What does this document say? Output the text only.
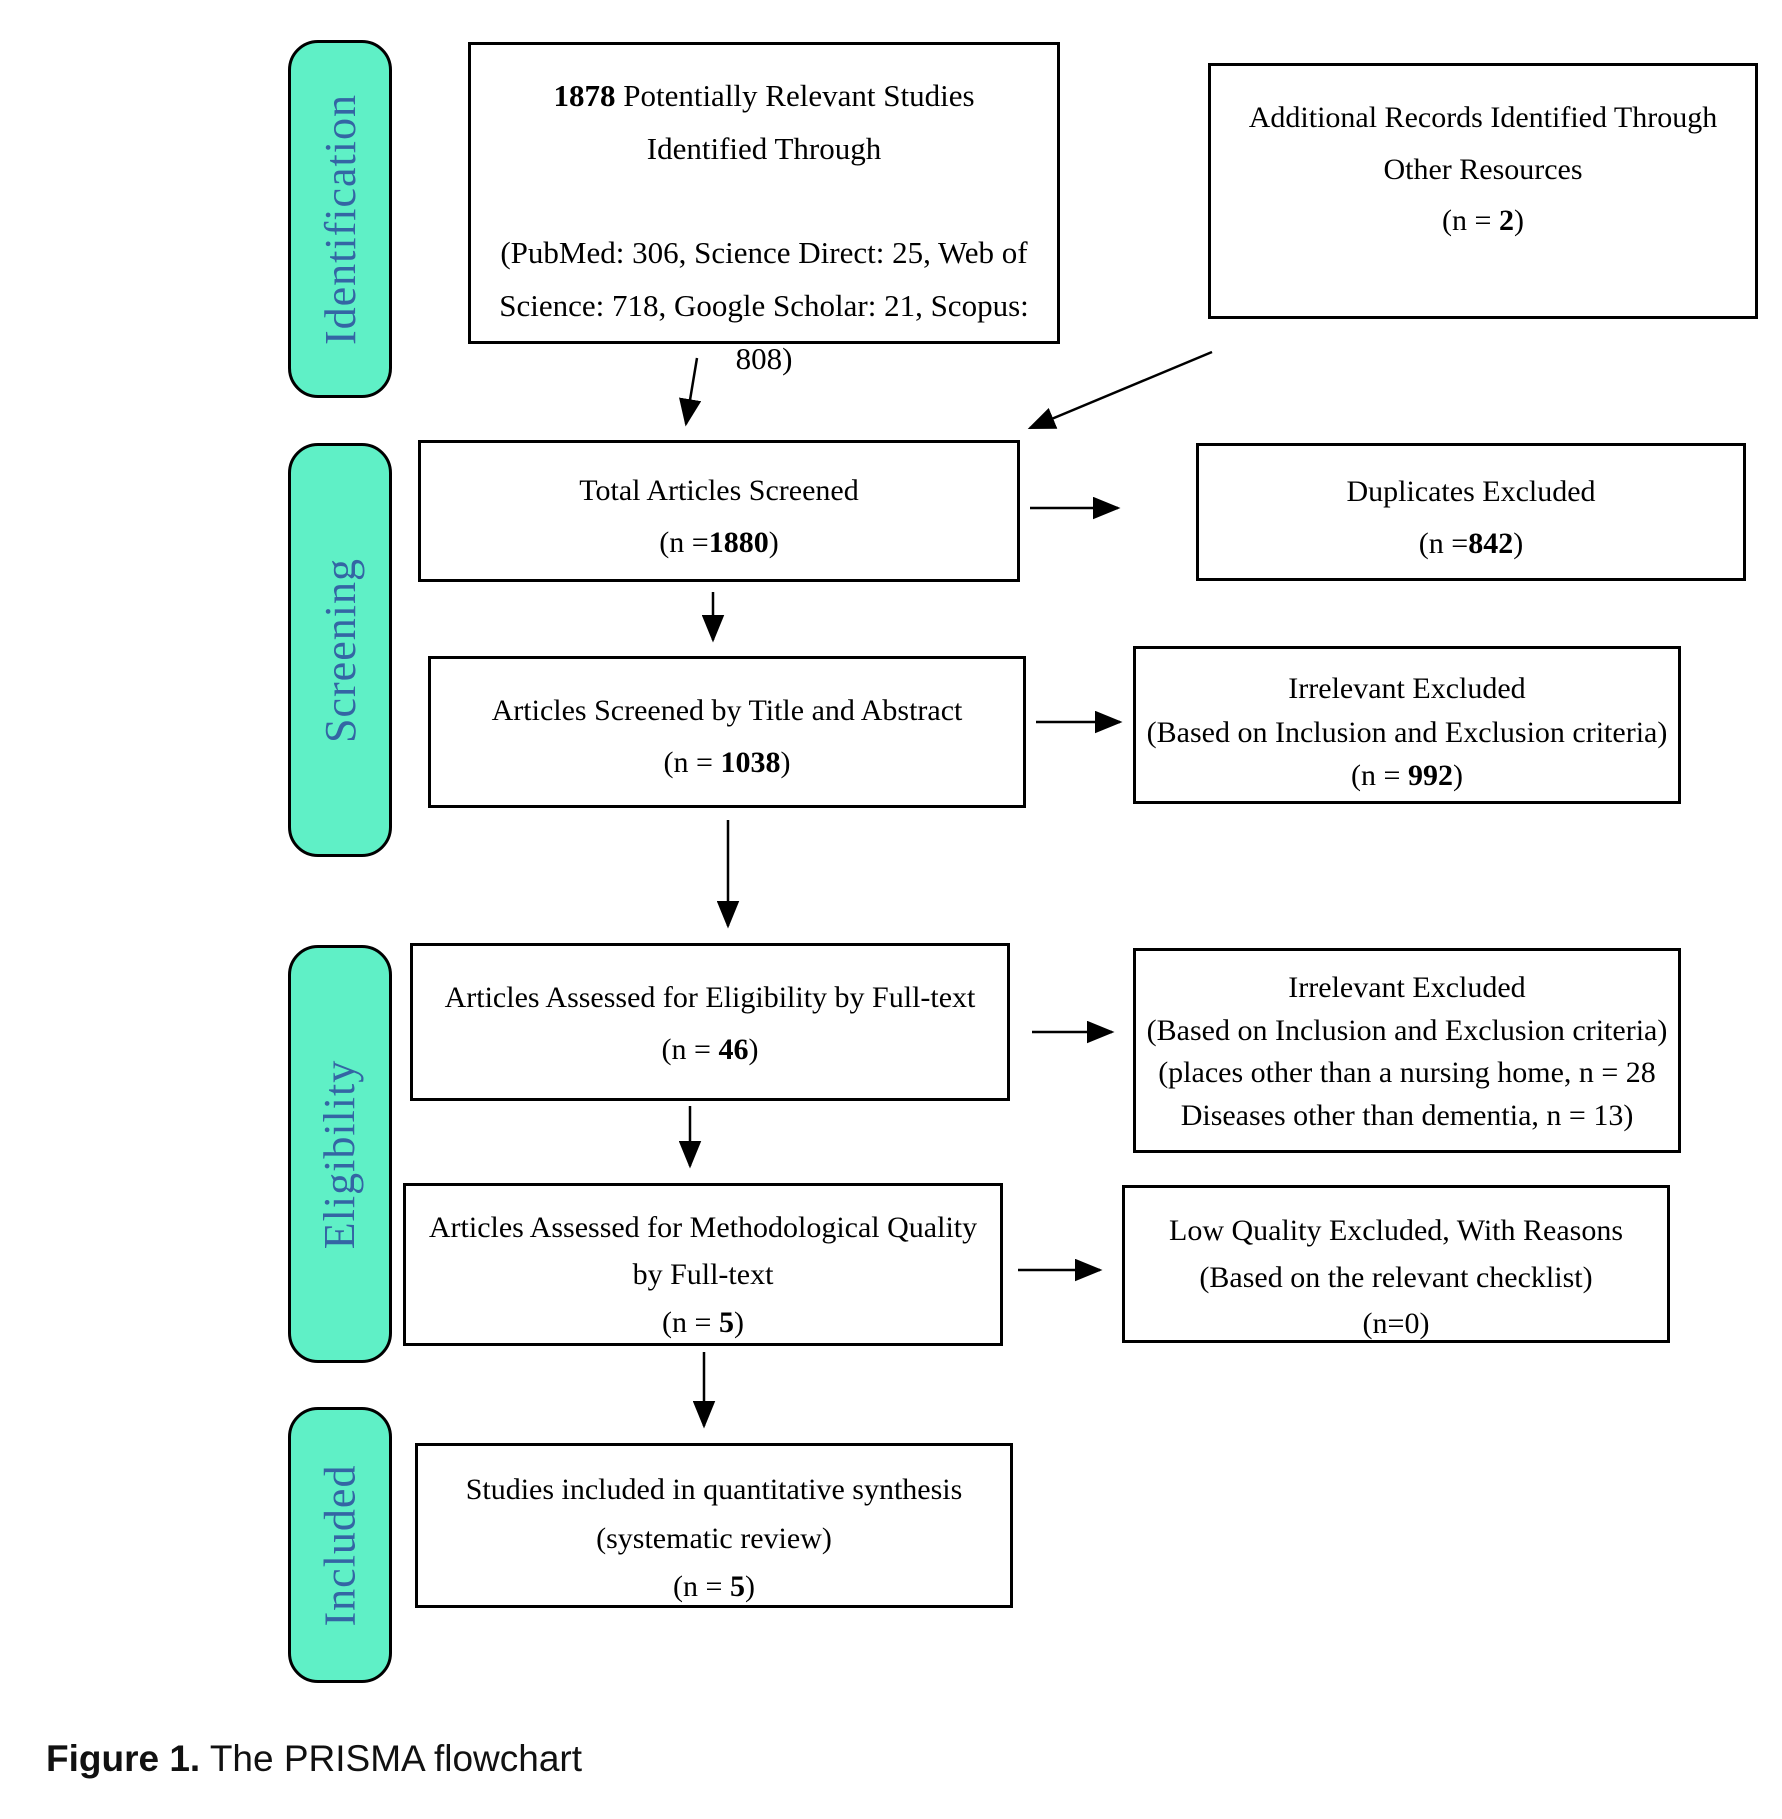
Identification
Screening
Eligibility
Included
1878 Potentially Relevant Studies
Identified Through
(PubMed: 306, Science Direct: 25, Web of
Science: 718, Google Scholar: 21, Scopus:
808)
Additional Records Identified Through
Other Resources
(n = 2)
Total Articles Screened
(n =1880)
Duplicates Excluded
(n =842)
Articles Screened by Title and Abstract
(n = 1038)
Irrelevant Excluded
(Based on Inclusion and Exclusion criteria)
(n = 992)
Articles Assessed for Eligibility by Full-text
(n = 46)
Irrelevant Excluded
(Based on Inclusion and Exclusion criteria)
(places other than a nursing home, n = 28
Diseases other than dementia, n = 13)
Articles Assessed for Methodological Quality
by Full-text
(n = 5)
Low Quality Excluded, With Reasons
(Based on the relevant checklist)
(n=0)
Studies included in quantitative synthesis
(systematic review)
(n = 5)
Figure 1. The PRISMA flowchart
